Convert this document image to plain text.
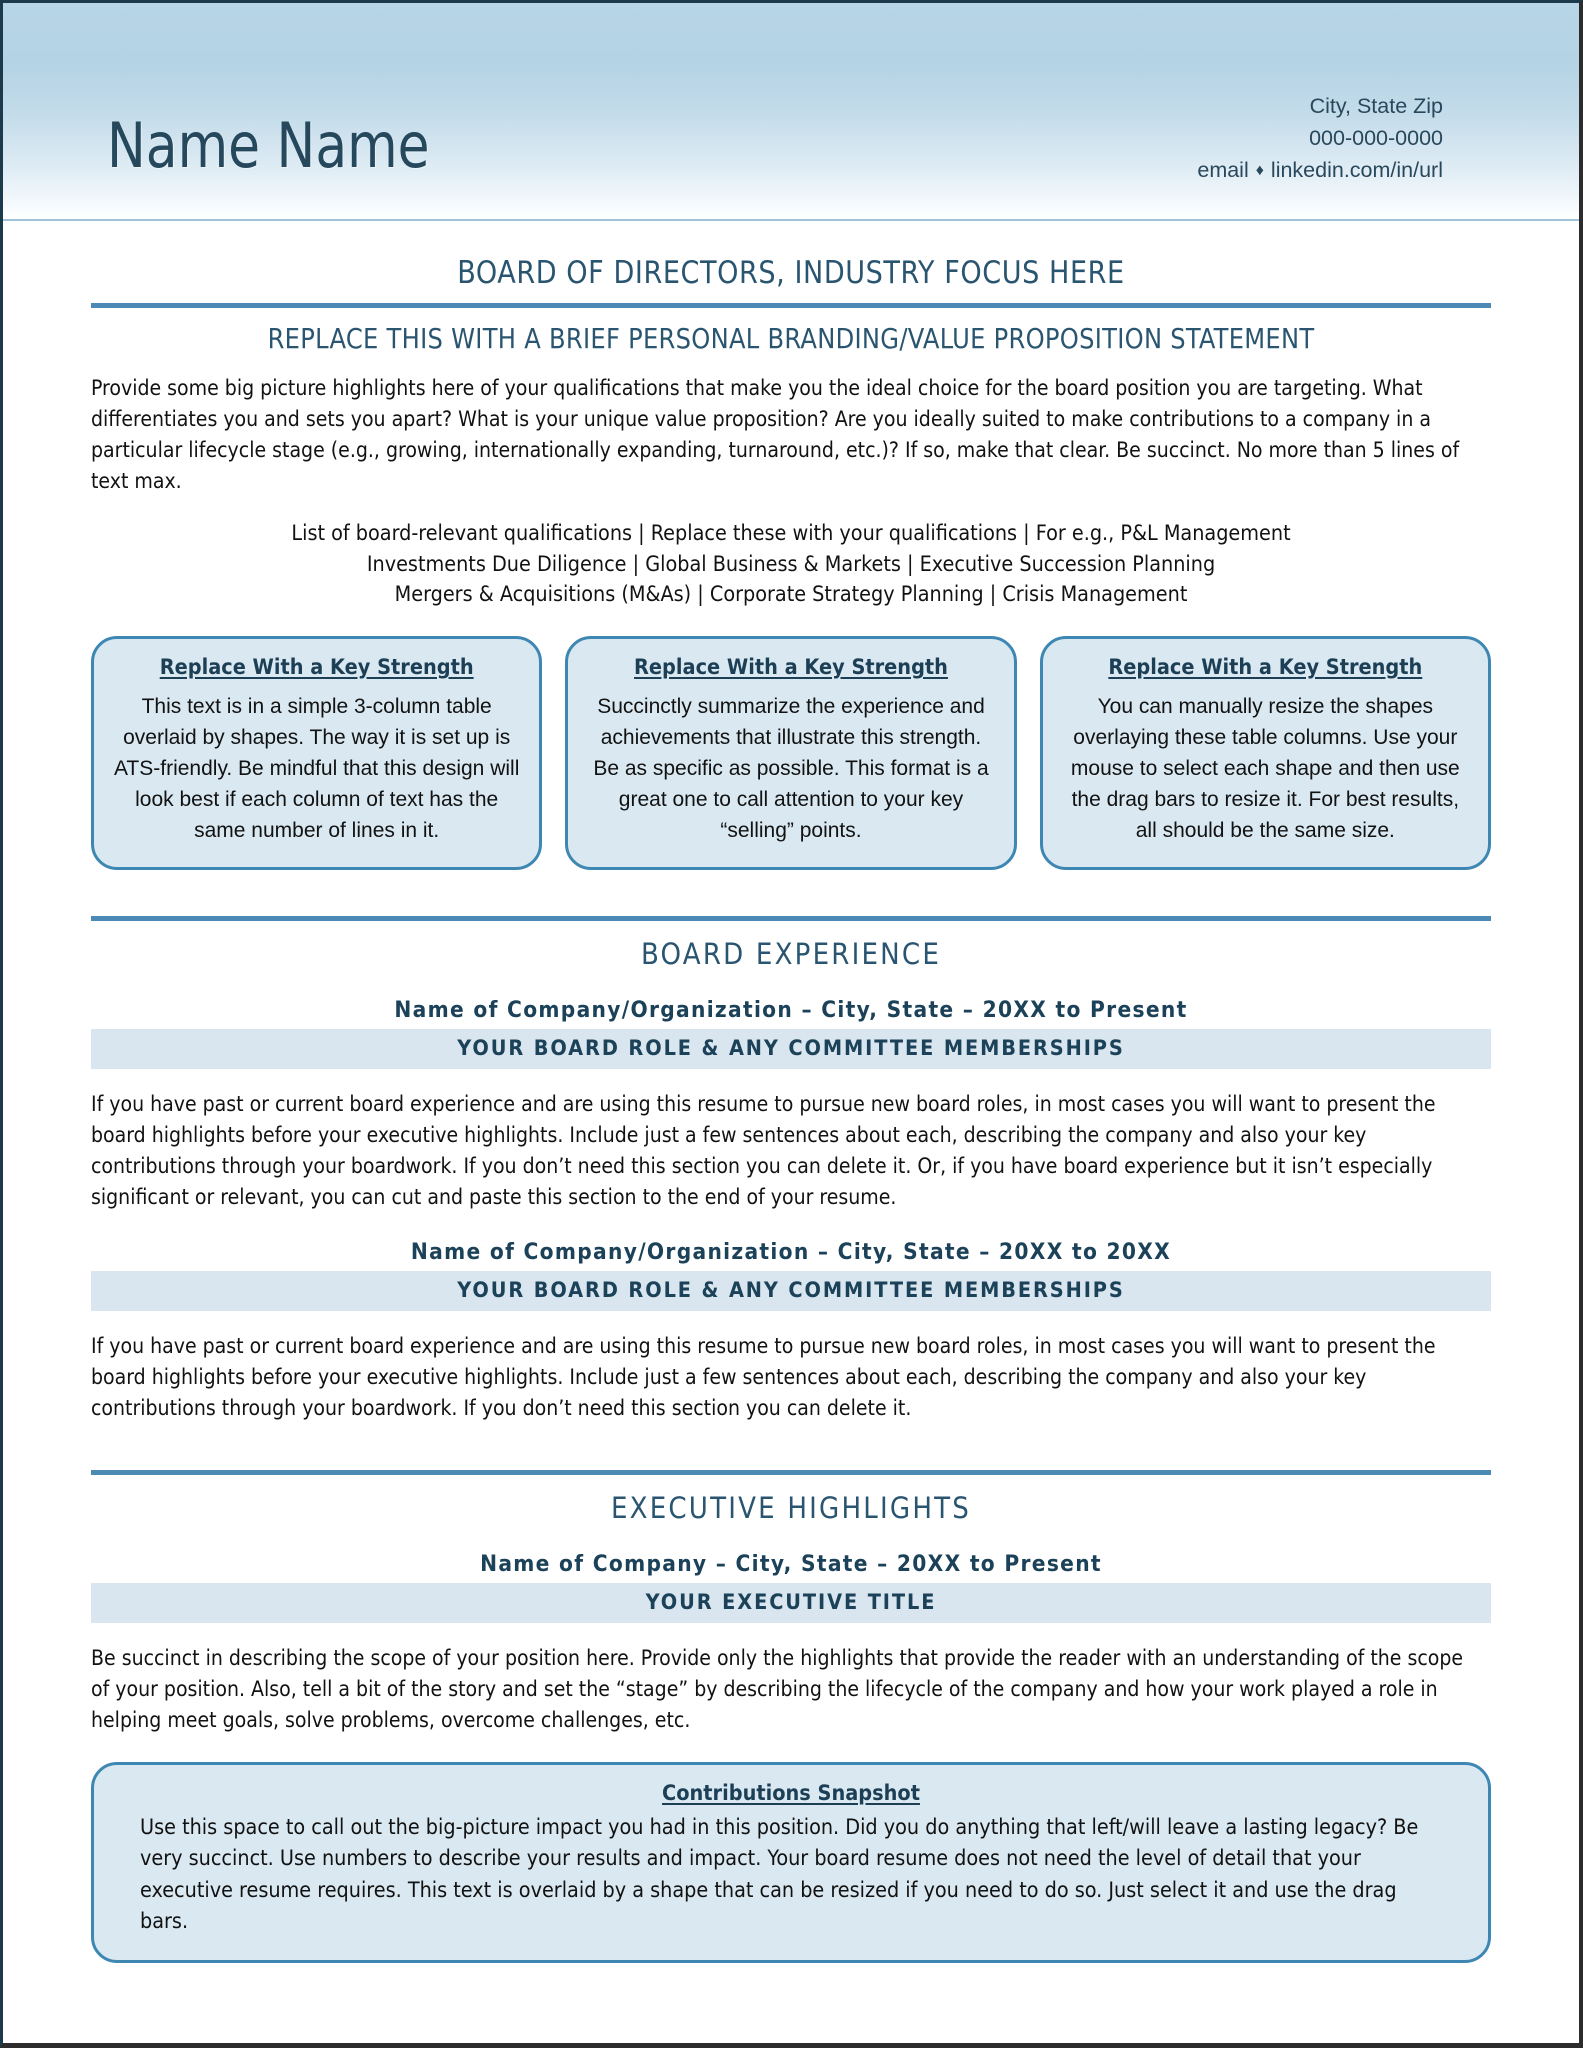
Name Name
City, State Zip
000-000-0000
email ♦ linkedin.com/in/url
BOARD OF DIRECTORS, INDUSTRY FOCUS HERE
REPLACE THIS WITH A BRIEF PERSONAL BRANDING/VALUE PROPOSITION STATEMENT
Provide some big picture highlights here of your qualifications that make you the ideal choice for the board position you are targeting. What differentiates you and sets you apart? What is your unique value proposition? Are you ideally suited to make contributions to a company in a particular lifecycle stage (e.g., growing, internationally expanding, turnaround, etc.)? If so, make that clear. Be succinct. No more than 5 lines of text max.
List of board-relevant qualifications | Replace these with your qualifications | For e.g., P&L Management
Investments Due Diligence | Global Business & Markets | Executive Succession Planning
Mergers & Acquisitions (M&As) | Corporate Strategy Planning | Crisis Management
Replace With a Key Strength
This text is in a simple 3-column table overlaid by shapes. The way it is set up is ATS-friendly. Be mindful that this design will look best if each column of text has the same number of lines in it.
Replace With a Key Strength
Succinctly summarize the experience and achievements that illustrate this strength. Be as specific as possible. This format is a great one to call attention to your key “selling” points.
Replace With a Key Strength
You can manually resize the shapes overlaying these table columns. Use your mouse to select each shape and then use the drag bars to resize it. For best results, all should be the same size.
BOARD EXPERIENCE
Name of Company/Organization – City, State – 20XX to Present
YOUR BOARD ROLE & ANY COMMITTEE MEMBERSHIPS
If you have past or current board experience and are using this resume to pursue new board roles, in most cases you will want to present the board highlights before your executive highlights. Include just a few sentences about each, describing the company and also your key contributions through your boardwork. If you don’t need this section you can delete it. Or, if you have board experience but it isn’t especially significant or relevant, you can cut and paste this section to the end of your resume.
Name of Company/Organization – City, State – 20XX to 20XX
YOUR BOARD ROLE & ANY COMMITTEE MEMBERSHIPS
If you have past or current board experience and are using this resume to pursue new board roles, in most cases you will want to present the board highlights before your executive highlights. Include just a few sentences about each, describing the company and also your key contributions through your boardwork. If you don’t need this section you can delete it.
EXECUTIVE HIGHLIGHTS
Name of Company – City, State – 20XX to Present
YOUR EXECUTIVE TITLE
Be succinct in describing the scope of your position here. Provide only the highlights that provide the reader with an understanding of the scope of your position. Also, tell a bit of the story and set the “stage” by describing the lifecycle of the company and how your work played a role in helping meet goals, solve problems, overcome challenges, etc.
Contributions Snapshot
Use this space to call out the big-picture impact you had in this position. Did you do anything that left/will leave a lasting legacy? Be very succinct. Use numbers to describe your results and impact. Your board resume does not need the level of detail that your executive resume requires. This text is overlaid by a shape that can be resized if you need to do so. Just select it and use the drag bars.
